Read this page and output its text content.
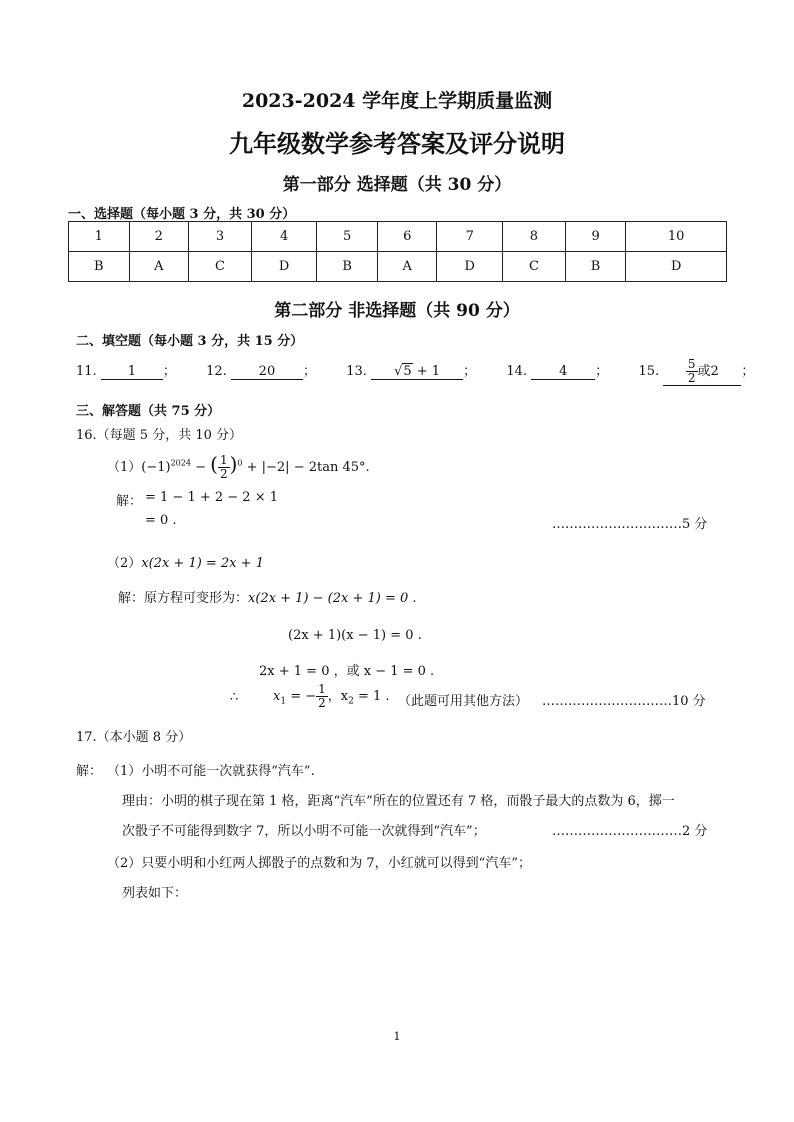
2023-2024 学年度上学期质量监测
九年级数学参考答案及评分说明
第一部分 选择题（共 30 分）
一、选择题（每小题 3 分，共 30 分）
1	2	3	4	5	6	7	8	9	10
B	A	C	D	B	A	D	C	B	D
第二部分 非选择题（共 90 分）
二、填空题（每小题 3 分，共 15 分）
11. 1 ； 12. 20 ； 13. √5 + 1 ； 14. 4 ； 15. $\frac{5}{2}$ 或2 ；
三、解答题（共 75 分）
16.（每题 5 分，共 10 分）
$(1)(-1)^{2024}$ − ( $\frac{1}{2} )^0 + |-2| - 2\tan$ 45°.
解： = 1 − 1 + 2 − 2 × 1
= 0 .	…………………………5 分
（2）x(2x + 1) = 2x + 1
解：原方程可变形为：x(2x + 1) − (2x + 1) = 0 .
(2x + 1)(x − 1) = 0 .
2x + 1 = 0 ，或 x − 1 = 0 .
∴	$x_1$ = − $\frac{1}{2}$ ，$x_2 = 1$ . （此题可用其他方法） …………………………10 分
17.（本小题 8 分）
解： （1）小明不可能一次就获得“汽车”.
理由：小明的棋子现在第 1 格，距离“汽车”所在的位置还有 7 格，而骰子最大的点数为 6，掷一
次骰子不可能得到数字 7，所以小明不可能一次就得到“汽车”；	…………………………2 分
（2）只要小明和小红两人掷骰子的点数和为 7，小红就可以得到“汽车”；
列表如下：
1
